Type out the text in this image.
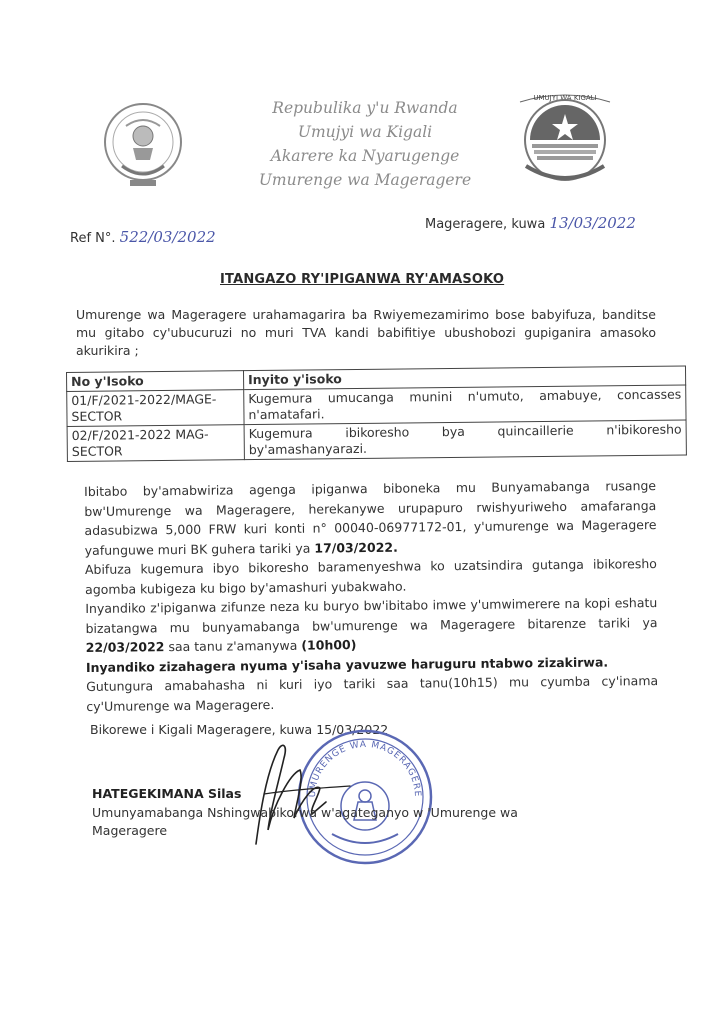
Repubulika y'u Rwanda
Umujyi wa Kigali
Akarere ka Nyarugenge
Umurenge wa Mageragere
UMUJYI WA KIGALI
Ref N°. 522/03/2022
Mageragere, kuwa 13/03/2022
ITANGAZO RY'IPIGANWA RY'AMASOKO
Umurenge wa Mageragere urahamagarira ba Rwiyemezamirimo bose babyifuza, banditse mu gitabo cy'ubucuruzi no muri TVA kandi babifitiye ubushobozi gupiganira amasoko akurikira ;
No y'Isoko	Inyito y'isoko
01/F/2021-2022/MAGE-SECTOR	Kugemura umucanga munini n'umuto, amabuye, concasses n'amatafari.
02/F/2021-2022 MAG-SECTOR	Kugemura ibikoresho bya quincaillerie n'ibikoresho by'amashanyarazi.

Ibitabo by'amabwiriza agenga ipiganwa biboneka mu Bunyamabanga rusange bw'Umurenge wa Mageragere, herekanywe urupapuro rwishyuriweho amafaranga adasubizwa 5,000 FRW kuri konti n° 00040-06977172-01, y'umurenge wa Mageragere yafunguwe muri BK guhera tariki ya 17/03/2022.

Abifuza kugemura ibyo bikoresho baramenyeshwa ko uzatsindira gutanga ibikoresho agomba kubigeza ku bigo by'amashuri yubakwaho.

Inyandiko z'ipiganwa zifunze neza ku buryo bw'ibitabo imwe y'umwimerere na kopi eshatu bizatangwa mu bunyamabanga bw'umurenge wa Mageragere bitarenze tariki ya 22/03/2022 saa tanu z'amanywa (10h00)

Inyandiko zizahagera nyuma y'isaha yavuzwe haruguru ntabwo zizakirwa.

Gutungura amabahasha ni kuri iyo tariki saa tanu(10h15) mu cyumba cy'inama cy'Umurenge wa Mageragere.

Bikorewe i Kigali Mageragere, kuwa 15/03/2022
UMURENGE WA MAGERAGERE
HATEGEKIMANA Silas
Umunyamabanga Nshingwabikorwa w'agateganyo w 'Umurenge wa Mageragere
